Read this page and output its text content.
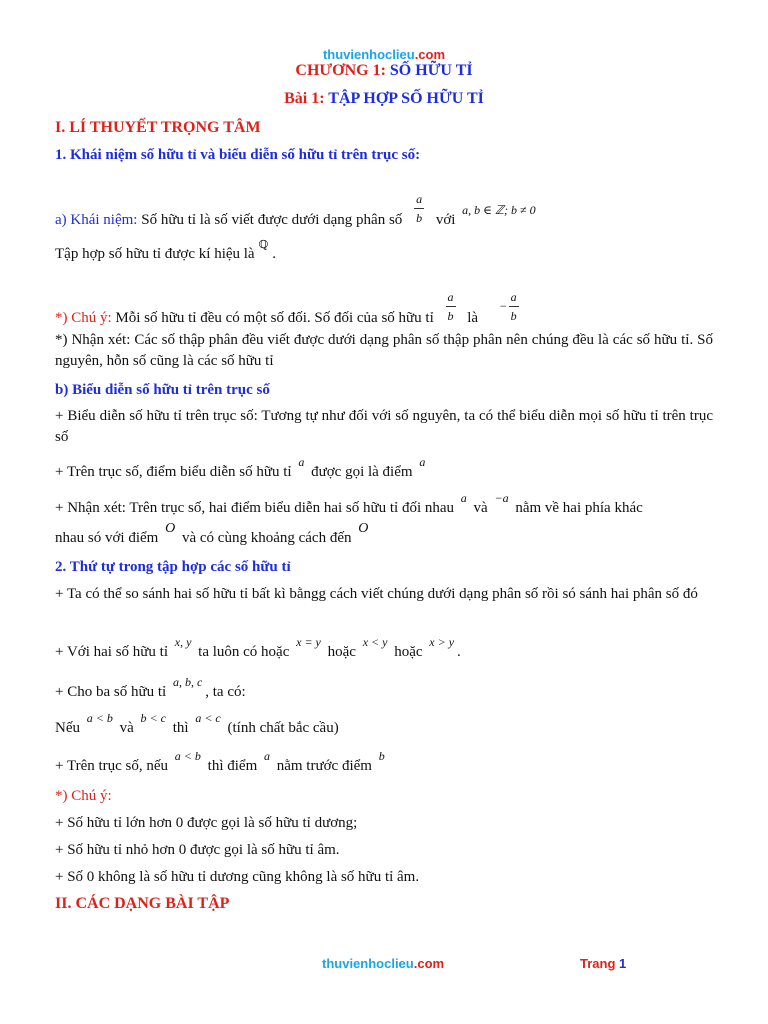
thuvienhoclieu.com
CHƯƠNG 1: SỐ HỮU TỈ
Bài 1: TẬP HỢP SỐ HỮU TỈ
I. LÍ THUYẾT TRỌNG TÂM
1. Khái niệm số hữu tỉ và biểu diễn số hữu tỉ trên trục số:
a) Khái niệm: Số hữu tỉ là số viết được dưới dạng phân số $\frac{a}{b}$ với a, b ∈ ℤ; b ≠ 0
Tập hợp số hữu tỉ được kí hiệu $là^ℚ$.
*) Chú ý: Mỗi số hữu tỉ đều có một số đối. Số đối của số hữu tỉ $\frac{a}{b}$ là $^- \frac{a}{b}$
*) Nhận xét: Các số thập phân đều viết được dưới dạng phân số thập phân nên chúng đều là các số hữu tỉ. Số nguyên, hỗn số cũng là các số hữu tỉ
b) Biểu diễn số hữu tỉ trên trục số
+ Biểu diễn số hữu tỉ trên trục số: Tương tự như đối với số nguyên, ta có thể biểu diễn mọi số hữu tỉ trên trục số
+ Trên trục số, điểm biểu diễn số hữu tỉ a được gọi là điểm a
+ Nhận xét: Trên trục số, hai điểm biểu diễn hai số hữu tỉ đối nhau a và −a nằm về hai phía khác
nhau só với điểm O và có cùng khoảng cách đến O
2. Thứ tự trong tập hợp các số hữu tỉ
+ Ta có thể so sánh hai số hữu tỉ bất kì bằngg cách viết chúng dưới dạng phân số rồi só sánh hai phân số đó
+ Với hai số hữu tỉ x, y ta luôn có hoặc x = y hoặc x < y hoặc x > y.
+ Cho ba số hữu tỉ a, b, c, ta có:
Nếu a < b và b < c thì a < c (tính chất bắc cầu)
+ Trên trục số, nếu a < b thì điểm a nằm trước điểm b
*) Chú ý:
+ Số hữu tỉ lớn hơn 0 được gọi là số hữu tỉ dương;
+ Số hữu tỉ nhỏ hơn 0 được gọi là số hữu tỉ âm.
+ Số 0 không là số hữu tỉ dương cũng không là số hữu tỉ âm.
II. CÁC DẠNG BÀI TẬP
thuvienhoclieu.com	Trang 1
